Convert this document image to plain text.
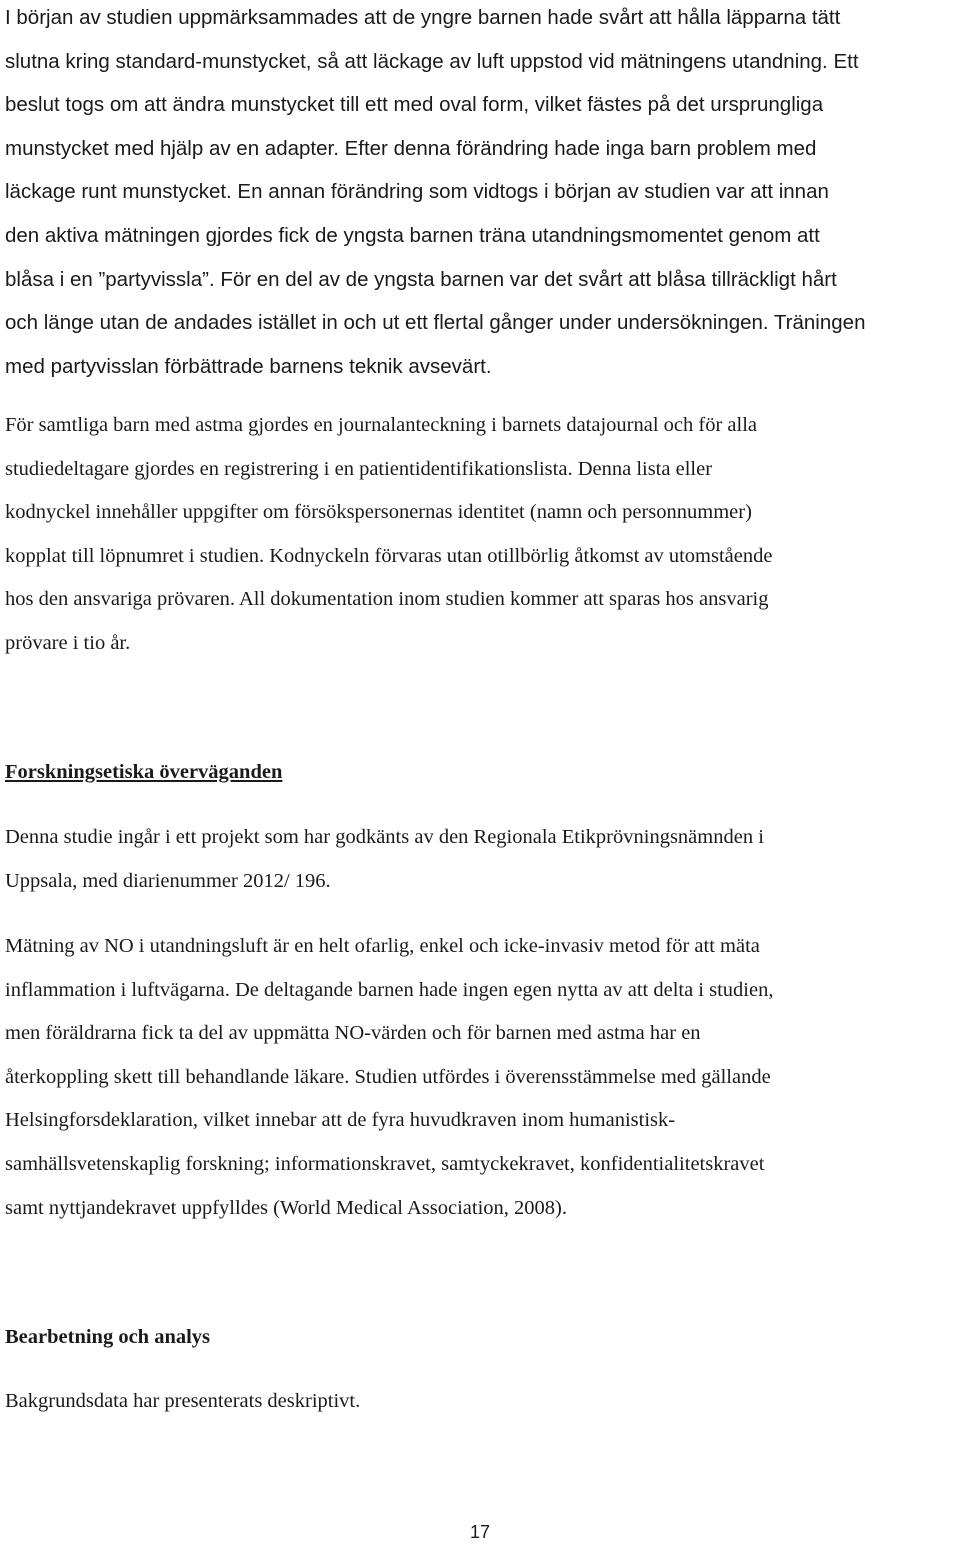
I början av studien uppmärksammades att de yngre barnen hade svårt att hålla läpparna tätt
slutna kring standard-munstycket, så att läckage av luft uppstod vid mätningens utandning. Ett
beslut togs om att ändra munstycket till ett med oval form, vilket fästes på det ursprungliga
munstycket med hjälp av en adapter. Efter denna förändring hade inga barn problem med
läckage runt munstycket. En annan förändring som vidtogs i början av studien var att innan
den aktiva mätningen gjordes fick de yngsta barnen träna utandningsmomentet genom att
blåsa i en ”partyvissla”. För en del av de yngsta barnen var det svårt att blåsa tillräckligt hårt
och länge utan de andades istället in och ut ett flertal gånger under undersökningen. Träningen
med partyvisslan förbättrade barnens teknik avsevärt.

För samtliga barn med astma gjordes en journalanteckning i barnets datajournal och för alla
studiedeltagare gjordes en registrering i en patientidentifikationslista. Denna lista eller
kodnyckel innehåller uppgifter om försökspersonernas identitet (namn och personnummer)
kopplat till löpnumret i studien. Kodnyckeln förvaras utan otillbörlig åtkomst av utomstående
hos den ansvariga prövaren. All dokumentation inom studien kommer att sparas hos ansvarig
prövare i tio år.

Forskningsetiska överväganden

Denna studie ingår i ett projekt som har godkänts av den Regionala Etikprövningsnämnden i
Uppsala, med diarienummer 2012/ 196.

Mätning av NO i utandningsluft är en helt ofarlig, enkel och icke-invasiv metod för att mäta
inflammation i luftvägarna. De deltagande barnen hade ingen egen nytta av att delta i studien,
men föräldrarna fick ta del av uppmätta NO-värden och för barnen med astma har en
återkoppling skett till behandlande läkare. Studien utfördes i överensstämmelse med gällande
Helsingforsdeklaration, vilket innebar att de fyra huvudkraven inom humanistisk-
samhällsvetenskaplig forskning; informationskravet, samtyckekravet, konfidentialitetskravet
samt nyttjandekravet uppfylldes (World Medical Association, 2008).

Bearbetning och analys

Bakgrundsdata har presenterats deskriptivt.

17
